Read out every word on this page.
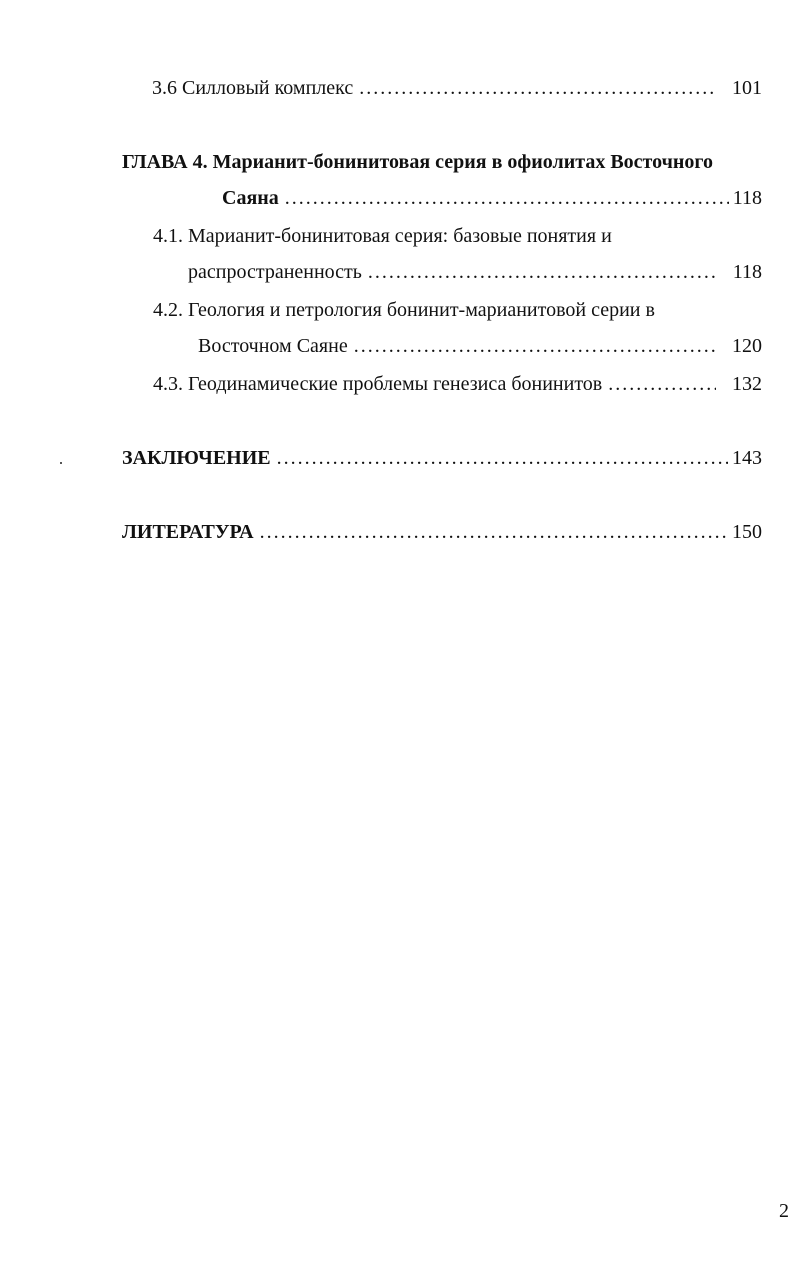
3.6 Силловый комплекс . . .	101
ГЛАВА 4. Марианит-бонинитовая серия в офиолитах Восточного
Саяна . . .	118
4.1. Марианит-бонинитовая серия: базовые понятия и
распространенность . . .	118
4.2. Геология и петрология бонинит-марианитовой серии в
Восточном Саяне . . .	120
4.3. Геодинамические проблемы генезиса бонинитов . . .	132
ЗАКЛЮЧЕНИЕ . . .	143
ЛИТЕРАТУРА . . .	150
2
